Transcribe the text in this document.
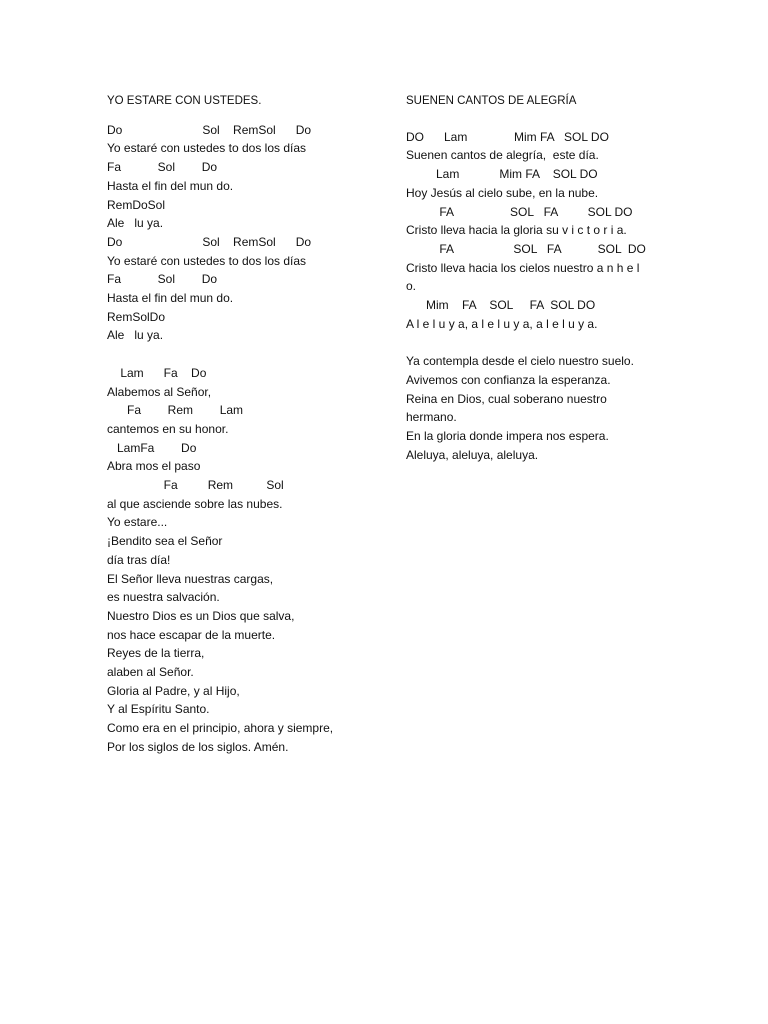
YO ESTARE CON USTEDES.
Do                        Sol    RemSol      Do
Yo estaré con ustedes to dos los días
Fa           Sol        Do
Hasta el fin del mun do.
RemDoSol
Ale   lu ya.
Do                        Sol    RemSol      Do
Yo estaré con ustedes to dos los días
Fa           Sol        Do
Hasta el fin del mun do.
RemSolDo
Ale   lu ya.
Lam      Fa    Do
Alabemos al Señor,
Fa        Rem        Lam
cantemos en su honor.
LamFa        Do
Abra mos el paso
Fa         Rem          Sol
al que asciende sobre las nubes.
Yo estare...
¡Bendito sea el Señor
día tras día!
El Señor lleva nuestras cargas,
es nuestra salvación.
Nuestro Dios es un Dios que salva,
nos hace escapar de la muerte.
Reyes de la tierra,
alaben al Señor.
Gloria al Padre, y al Hijo,
Y al Espíritu Santo.
Como era en el principio, ahora y siempre,
Por los siglos de los siglos. Amén.
SUENEN CANTOS DE ALEGRÍA
DO      Lam              Mim FA   SOL DO
Suenen cantos de alegría,  este día.
Lam            Mim FA    SOL DO
Hoy Jesús al cielo sube, en la nube.
FA                 SOL   FA         SOL DO
Cristo lleva hacia la gloria su v i c t o r i a.
FA                  SOL   FA           SOL  DO
Cristo lleva hacia los cielos nuestro a n h e l
o.
Mim    FA    SOL     FA  SOL DO
A l e l u y a, a l e l u y a, a l e l u y a.
Ya contempla desde el cielo nuestro suelo.
Avivemos con confianza la esperanza.
Reina en Dios, cual soberano nuestro
hermano.
En la gloria donde impera nos espera.
Aleluya, aleluya, aleluya.
